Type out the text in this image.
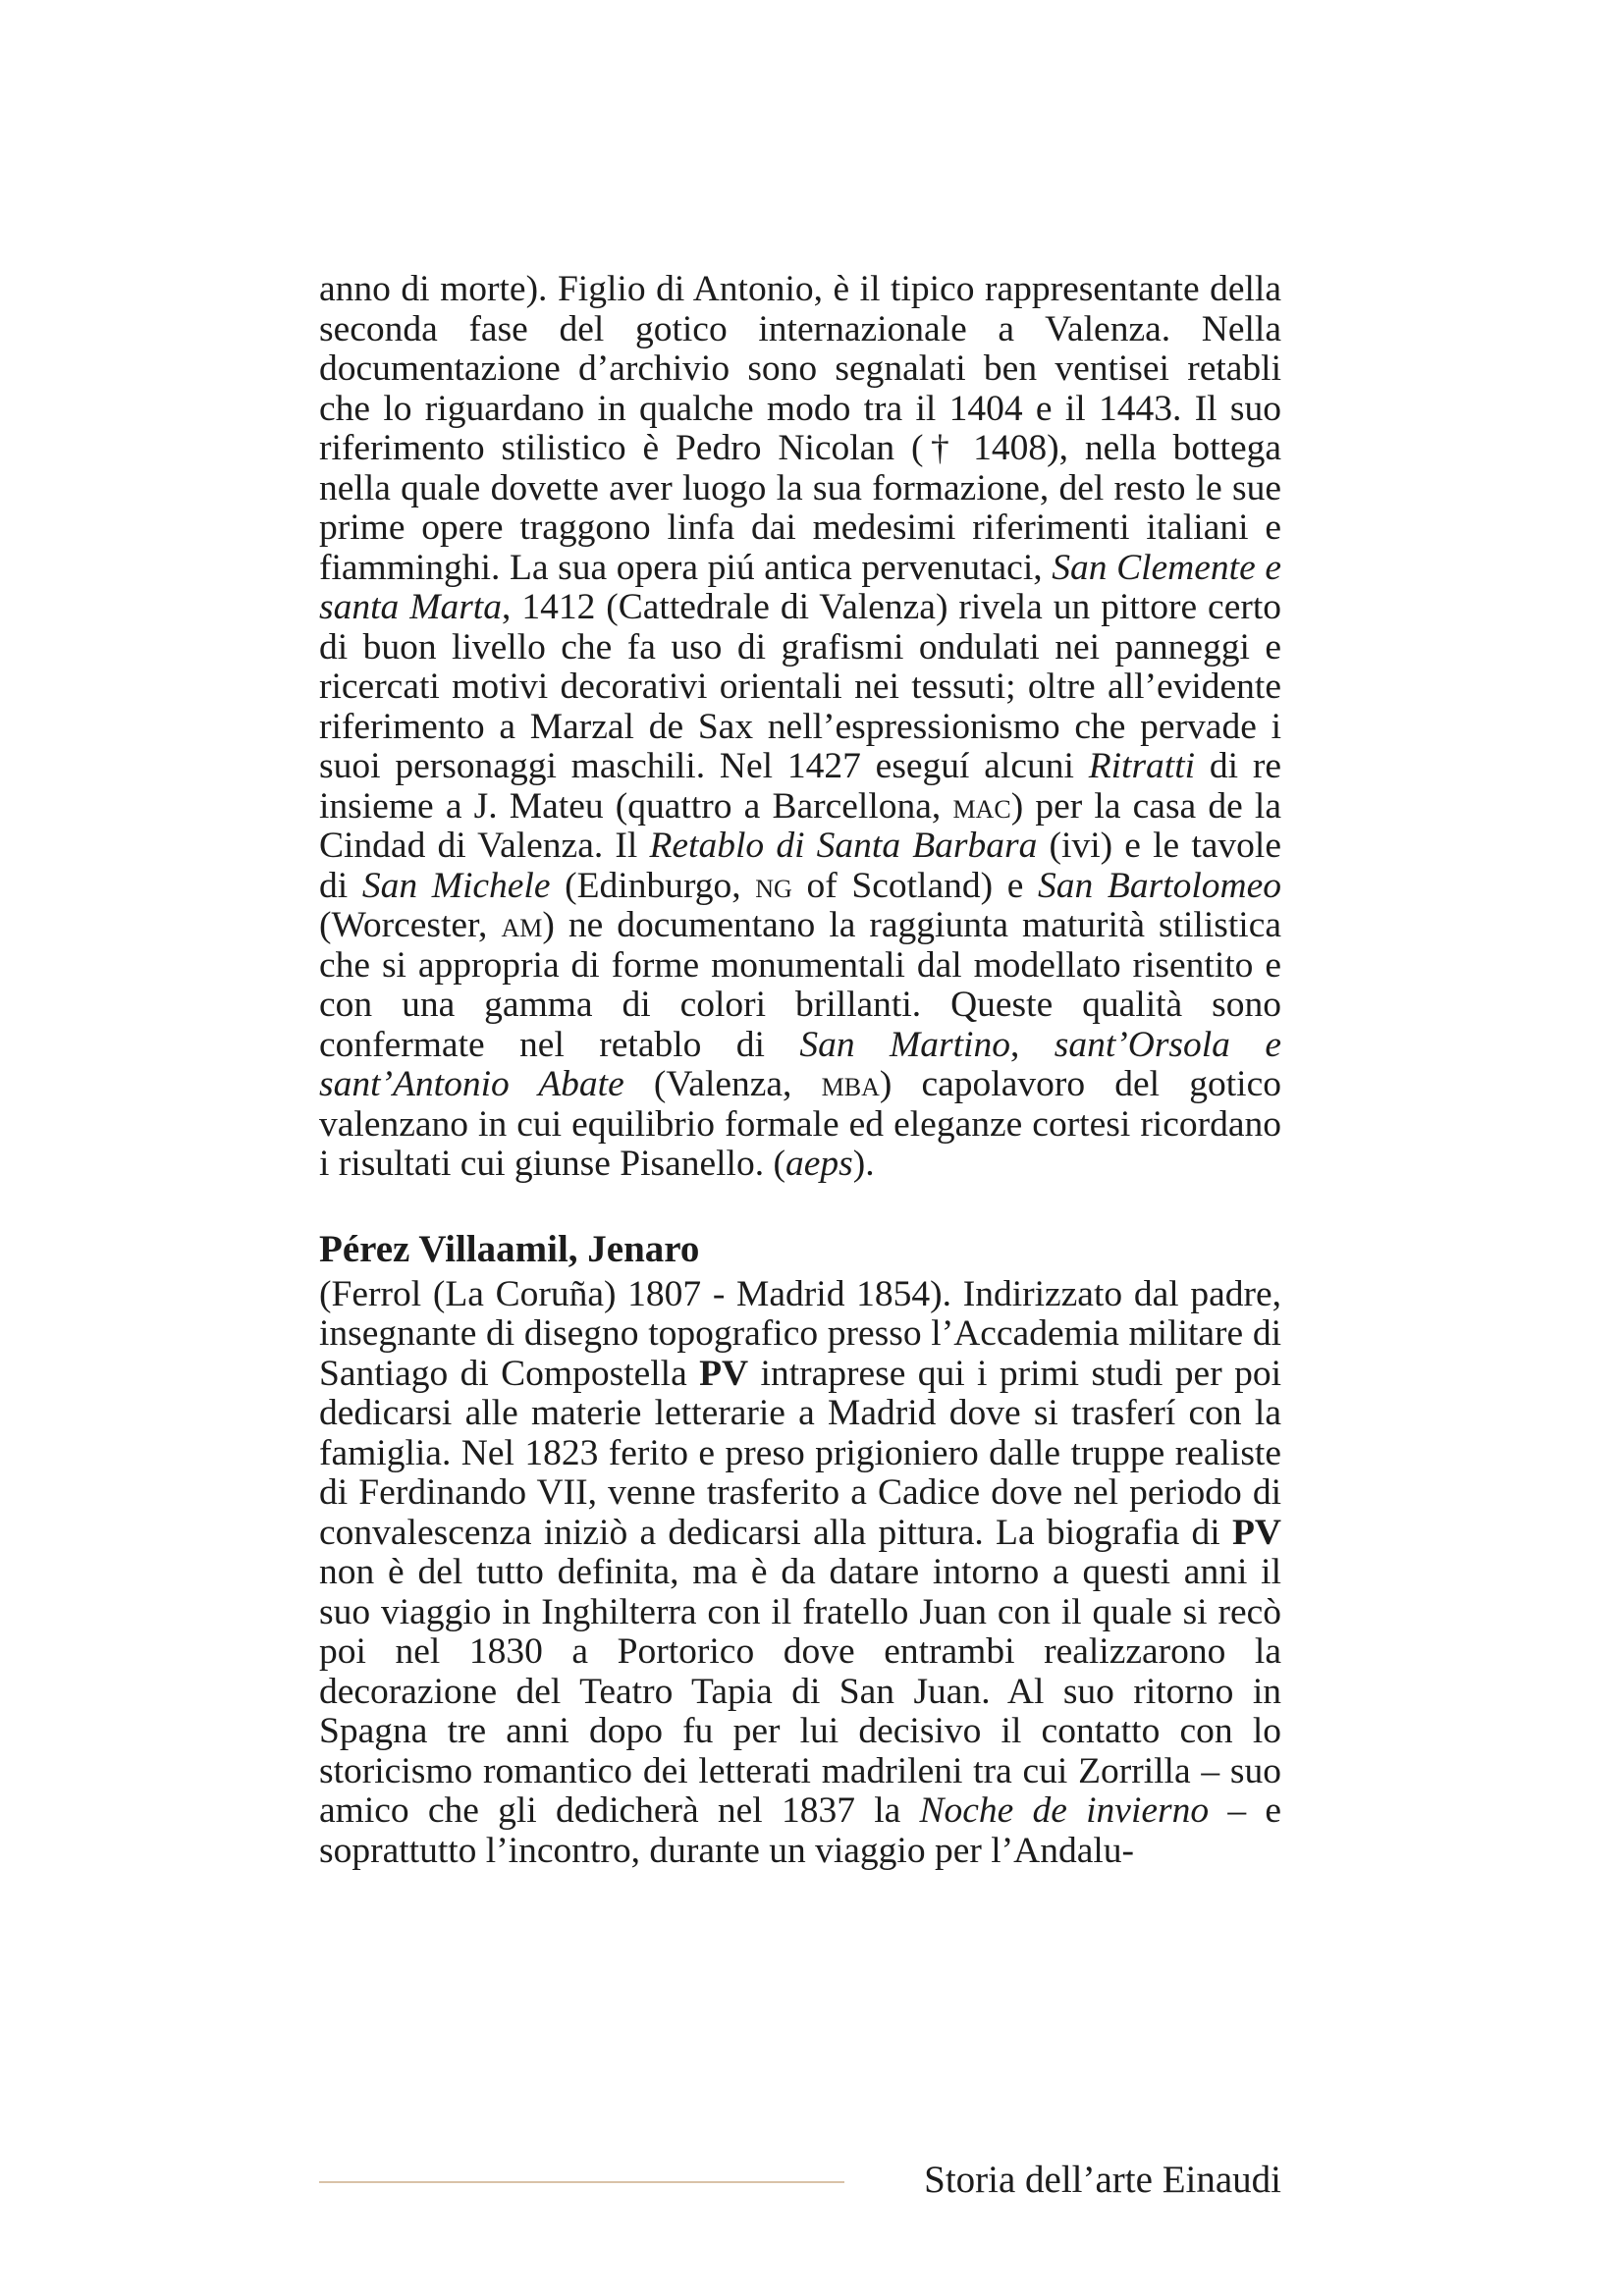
anno di morte). Figlio di Antonio, è il tipico rappresentante della seconda fase del gotico internazionale a Valenza. Nella documentazione d’archivio sono segnalati ben ventisei retabli che lo riguardano in qualche modo tra il 1404 e il 1443. Il suo riferimento stilistico è Pedro Nicolan († 1408), nella bottega nella quale dovette aver luogo la sua formazione, del resto le sue prime opere traggono linfa dai medesimi riferimenti italiani e fiamminghi. La sua opera piú antica pervenutaci, San Clemente e santa Marta, 1412 (Cattedrale di Valenza) rivela un pittore certo di buon livello che fa uso di grafismi ondulati nei panneggi e ricercati motivi decorativi orientali nei tessuti; oltre all’evidente riferimento a Marzal de Sax nell’espressionismo che pervade i suoi personaggi maschili. Nel 1427 eseguí alcuni Ritratti di re insieme a J. Mateu (quattro a Barcellona, mac) per la casa de la Cindad di Valenza. Il Retablo di Santa Barbara (ivi) e le tavole di San Michele (Edinburgo, ng of Scotland) e San Bartolomeo (Worcester, am) ne documentano la raggiunta maturità stilistica che si appropria di forme monumentali dal modellato risentito e con una gamma di colori brillanti. Queste qualità sono confermate nel retablo di San Martino, sant’Orsola e sant’Antonio Abate (Valenza, mba) capolavoro del gotico valenzano in cui equilibrio formale ed eleganze cortesi ricordano i risultati cui giunse Pisanello. (aeps).

Pérez Villaamil, Jenaro

(Ferrol (La Coruña) 1807 - Madrid 1854). Indirizzato dal padre, insegnante di disegno topografico presso l’Accademia militare di Santiago di Compostella PV intraprese qui i primi studi per poi dedicarsi alle materie letterarie a Madrid dove si trasferí con la famiglia. Nel 1823 ferito e preso prigioniero dalle truppe realiste di Ferdinando VII, venne trasferito a Cadice dove nel periodo di convalescenza iniziò a dedicarsi alla pittura. La biografia di PV non è del tutto definita, ma è da datare intorno a questi anni il suo viaggio in Inghilterra con il fratello Juan con il quale si recò poi nel 1830 a Portorico dove entrambi realizzarono la decorazione del Teatro Tapia di San Juan. Al suo ritorno in Spagna tre anni dopo fu per lui decisivo il contatto con lo storicismo romantico dei letterati madrileni tra cui Zorrilla – suo amico che gli dedicherà nel 1837 la Noche de invierno – e soprattutto l’incontro, durante un viaggio per l’Andalu-

Storia dell’arte Einaudi
